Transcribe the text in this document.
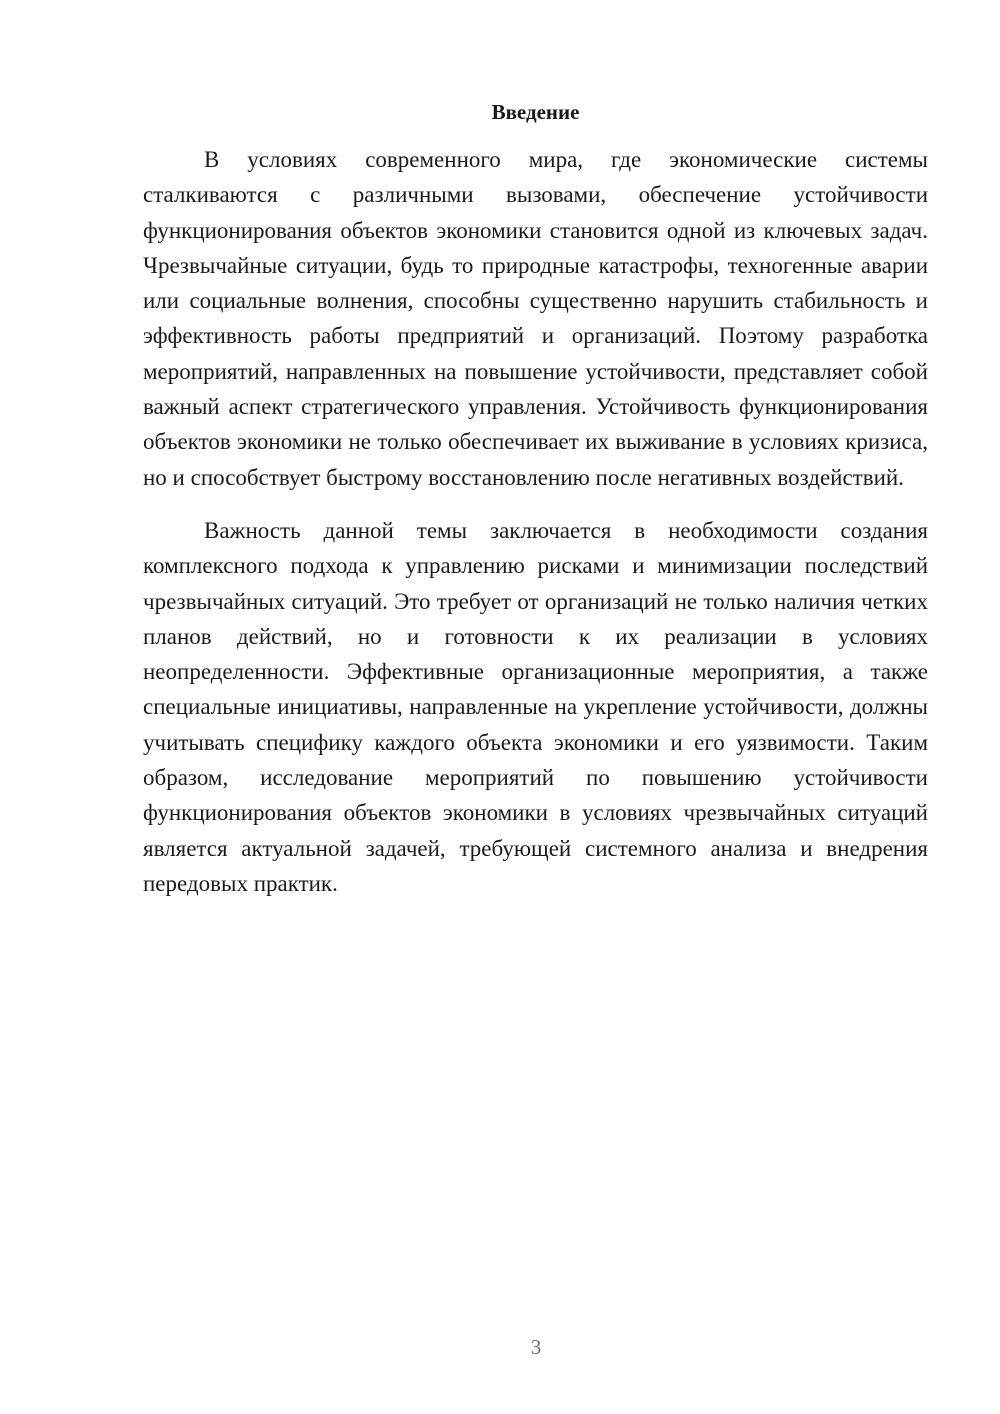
Введение

В условиях современного мира, где экономические системы сталкиваются с различными вызовами, обеспечение устойчивости функционирования объектов экономики становится одной из ключевых задач. Чрезвычайные ситуации, будь то природные катастрофы, техногенные аварии или социальные волнения, способны существенно нарушить стабильность и эффективность работы предприятий и организаций. Поэтому разработка мероприятий, направленных на повышение устойчивости, представляет собой важный аспект стратегического управления. Устойчивость функционирования объектов экономики не только обеспечивает их выживание в условиях кризиса, но и способствует быстрому восстановлению после негативных воздействий.

Важность данной темы заключается в необходимости создания комплексного подхода к управлению рисками и минимизации последствий чрезвычайных ситуаций. Это требует от организаций не только наличия четких планов действий, но и готовности к их реализации в условиях неопределенности. Эффективные организационные мероприятия, а также специальные инициативы, направленные на укрепление устойчивости, должны учитывать специфику каждого объекта экономики и его уязвимости. Таким образом, исследование мероприятий по повышению устойчивости функционирования объектов экономики в условиях чрезвычайных ситуаций является актуальной задачей, требующей системного анализа и внедрения передовых практик.

3
